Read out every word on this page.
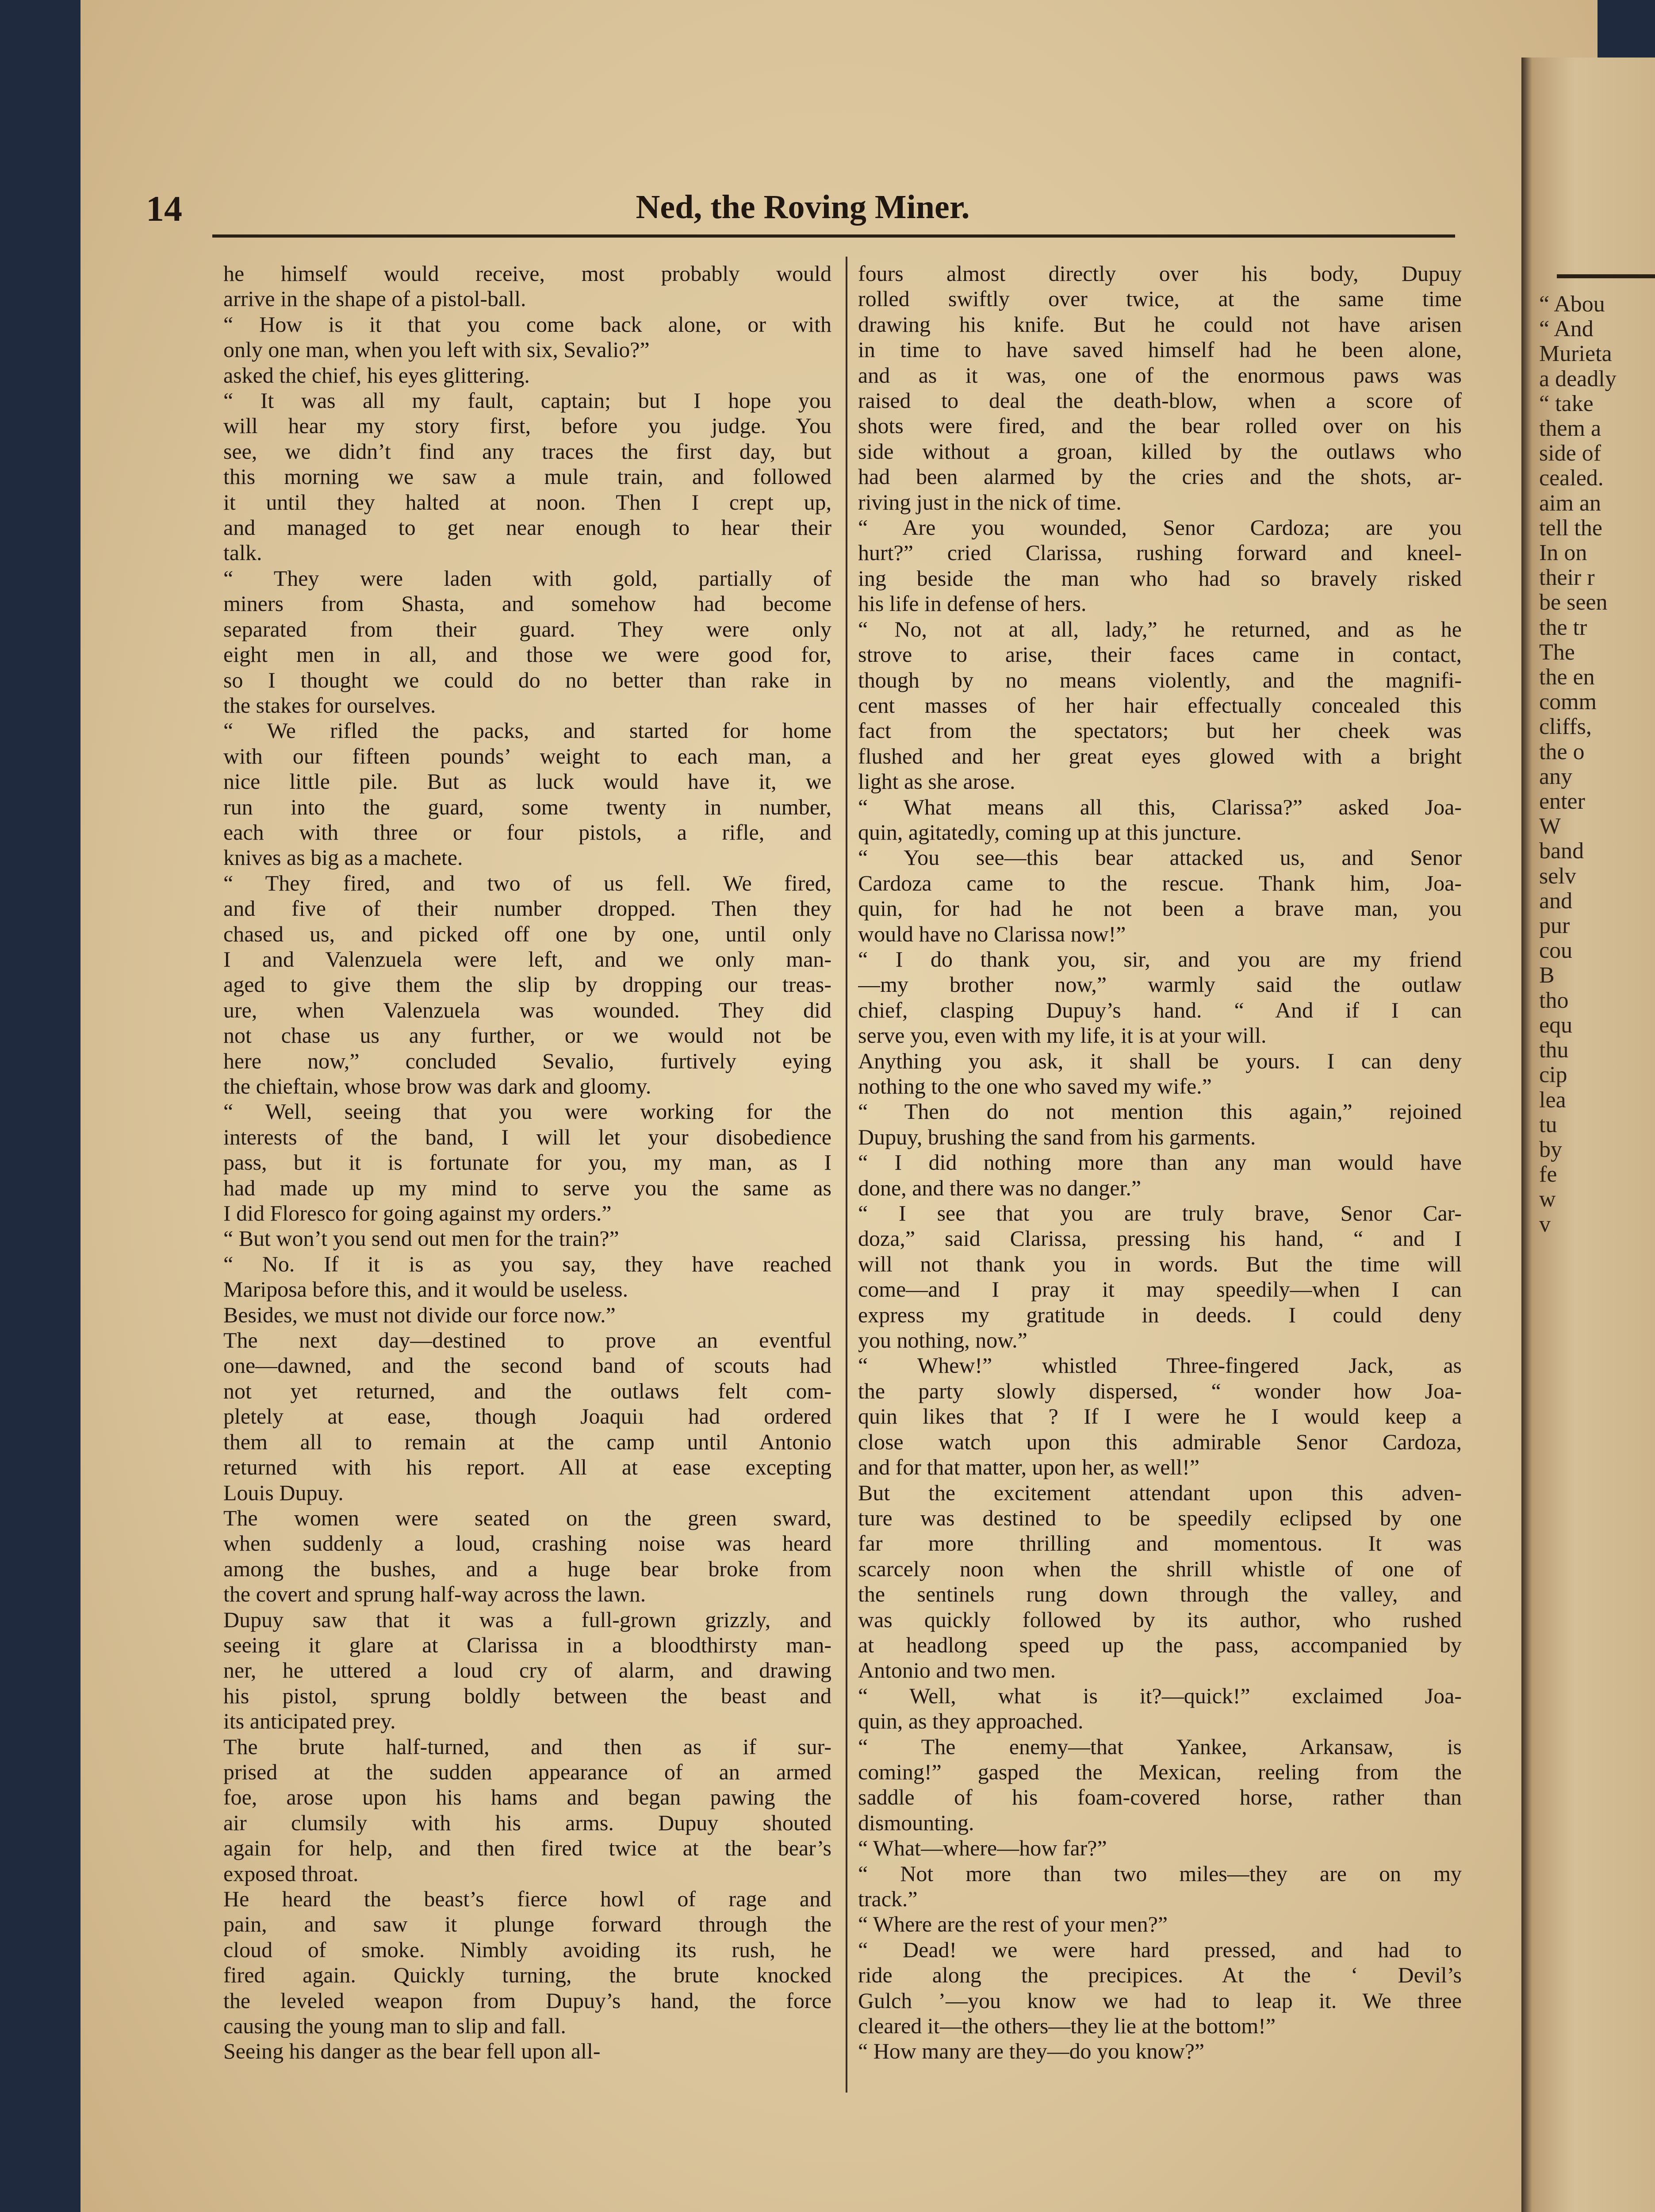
“ Abou
“ And
Murieta
a deadly
“ take
them a
side of
cealed.
aim an
tell the
In on
their r
be seen
the tr
The
the en
comm
cliffs,
the o
any
enter
W
band
selv
and
pur
cou
B
tho
equ
thu
cip
lea
tu
by
fe
w
v
14	Ned, the Roving Miner.
he himself would receive, most probably would
arrive in the shape of a pistol-ball.
“ How is it that you come back alone, or with
only one man, when you left with six, Sevalio?”
asked the chief, his eyes glittering.
“ It was all my fault, captain; but I hope you
will hear my story first, before you judge. You
see, we didn’t find any traces the first day, but
this morning we saw a mule train, and followed
it until they halted at noon. Then I crept up,
and managed to get near enough to hear their
talk.
“ They were laden with gold, partially of
miners from Shasta, and somehow had become
separated from their guard. They were only
eight men in all, and those we were good for,
so I thought we could do no better than rake in
the stakes for ourselves.
“ We rifled the packs, and started for home
with our fifteen pounds’ weight to each man, a
nice little pile. But as luck would have it, we
run into the guard, some twenty in number,
each with three or four pistols, a rifle, and
knives as big as a machete.
“ They fired, and two of us fell. We fired,
and five of their number dropped. Then they
chased us, and picked off one by one, until only
I and Valenzuela were left, and we only man-
aged to give them the slip by dropping our treas-
ure, when Valenzuela was wounded. They did
not chase us any further, or we would not be
here now,” concluded Sevalio, furtively eying
the chieftain, whose brow was dark and gloomy.
“ Well, seeing that you were working for the
interests of the band, I will let your disobedience
pass, but it is fortunate for you, my man, as I
had made up my mind to serve you the same as
I did Floresco for going against my orders.”
“ But won’t you send out men for the train?”
“ No. If it is as you say, they have reached
Mariposa before this, and it would be useless.
Besides, we must not divide our force now.”
The next day—destined to prove an eventful
one—dawned, and the second band of scouts had
not yet returned, and the outlaws felt com-
pletely at ease, though Joaquiı had ordered
them all to remain at the camp until Antonio
returned with his report. All at ease excepting
Louis Dupuy.
The women were seated on the green sward,
when suddenly a loud, crashing noise was heard
among the bushes, and a huge bear broke from
the covert and sprung half-way across the lawn.
Dupuy saw that it was a full-grown grizzly, and
seeing it glare at Clarissa in a bloodthirsty man-
ner, he uttered a loud cry of alarm, and drawing
his pistol, sprung boldly between the beast and
its anticipated prey.
The brute half-turned, and then as if sur-
prised at the sudden appearance of an armed
foe, arose upon his hams and began pawing the
air clumsily with his arms. Dupuy shouted
again for help, and then fired twice at the bear’s
exposed throat.
He heard the beast’s fierce howl of rage and
pain, and saw it plunge forward through the
cloud of smoke. Nimbly avoiding its rush, he
fired again. Quickly turning, the brute knocked
the leveled weapon from Dupuy’s hand, the force
causing the young man to slip and fall.
Seeing his danger as the bear fell upon all-
fours almost directly over his body, Dupuy
rolled swiftly over twice, at the same time
drawing his knife. But he could not have arisen
in time to have saved himself had he been alone,
and as it was, one of the enormous paws was
raised to deal the death-blow, when a score of
shots were fired, and the bear rolled over on his
side without a groan, killed by the outlaws who
had been alarmed by the cries and the shots, ar-
riving just in the nick of time.
“ Are you wounded, Senor Cardoza; are you
hurt?” cried Clarissa, rushing forward and kneel-
ing beside the man who had so bravely risked
his life in defense of hers.
“ No, not at all, lady,” he returned, and as he
strove to arise, their faces came in contact,
though by no means violently, and the magnifi-
cent masses of her hair effectually concealed this
fact from the spectators; but her cheek was
flushed and her great eyes glowed with a bright
light as she arose.
“ What means all this, Clarissa?” asked Joa-
quin, agitatedly, coming up at this juncture.
“ You see—this bear attacked us, and Senor
Cardoza came to the rescue. Thank him, Joa-
quin, for had he not been a brave man, you
would have no Clarissa now!”
“ I do thank you, sir, and you are my friend
—my brother now,” warmly said the outlaw
chief, clasping Dupuy’s hand. “ And if I can
serve you, even with my life, it is at your will.
Anything you ask, it shall be yours. I can deny
nothing to the one who saved my wife.”
“ Then do not mention this again,” rejoined
Dupuy, brushing the sand from his garments.
“ I did nothing more than any man would have
done, and there was no danger.”
“ I see that you are truly brave, Senor Car-
doza,” said Clarissa, pressing his hand, “ and I
will not thank you in words. But the time will
come—and I pray it may speedily—when I can
express my gratitude in deeds. I could deny
you nothing, now.”
“ Whew!” whistled Three-fingered Jack, as
the party slowly dispersed, “ wonder how Joa-
quin likes that ? If I were he I would keep a
close watch upon this admirable Senor Cardoza,
and for that matter, upon her, as well!”
But the excitement attendant upon this adven-
ture was destined to be speedily eclipsed by one
far more thrilling and momentous. It was
scarcely noon when the shrill whistle of one of
the sentinels rung down through the valley, and
was quickly followed by its author, who rushed
at headlong speed up the pass, accompanied by
Antonio and two men.
“ Well, what is it?—quick!” exclaimed Joa-
quin, as they approached.
“ The enemy—that Yankee, Arkansaw, is
coming!” gasped the Mexican, reeling from the
saddle of his foam-covered horse, rather than
dismounting.
“ What—where—how far?”
“ Not more than two miles—they are on my
track.”
“ Where are the rest of your men?”
“ Dead! we were hard pressed, and had to
ride along the precipices. At the ‘ Devil’s
Gulch ’—you know we had to leap it. We three
cleared it—the others—they lie at the bottom!”
“ How many are they—do you know?”
